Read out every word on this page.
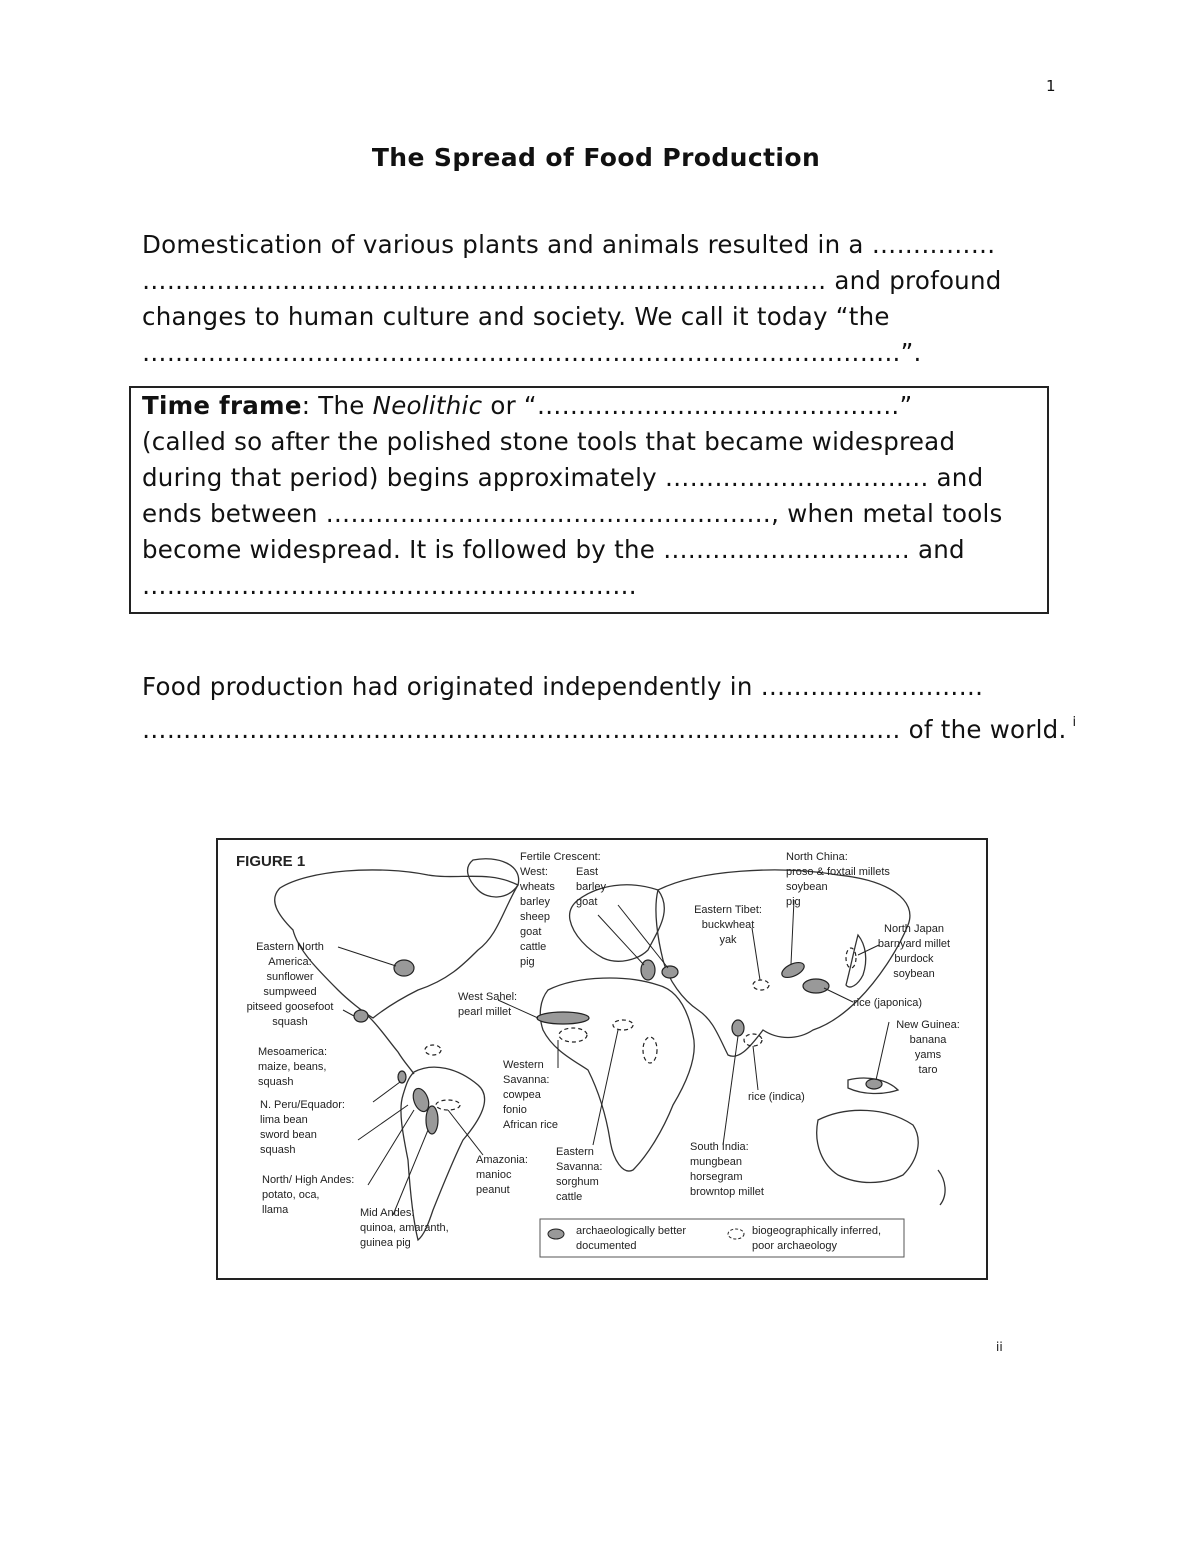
1
The Spread of Food Production
Domestication of various plants and animals resulted in a ……………
……………………………………………………………………….. and profound
changes to human culture and society. We call it today “the
………………………………………………………………………………..”.
Time frame: The Neolithic or “……………………………………..”
(called so after the polished stone tools that became widespread
during that period) begins approximately ………………………….. and
ends between ………………………………………………, when metal tools
become widespread. It is followed by the ….…………………….. and
……………………………………………………
Food production had originated independently in ………………………
……………………………………………………………………………….. of the world. $^i$
FIGURE 1	Fertile Crescent:
West:
wheats
barley
sheep
goat
cattle
pig
East
barley
goat
North China:
proso & foxtail millets
soybean
pig
Eastern Tibet:
buckwheat
yak
North Japan
barnyard millet
burdock
soybean
Eastern North
America:
sunflower
sumpweed
pitseed goosefoot
squash
West Sahel:
pearl millet
rice (japonica)
New Guinea:
banana
yams
taro
Mesoamerica:
maize, beans,
squash
Western
Savanna:
cowpea
fonio
African rice
rice (indica)
N. Peru/Equador:
lima bean
sword bean
squash	South India:
mungbean
horsegram
browntop millet
Eastern
Savanna:
sorghum
cattle
Amazonia:
manioc
peanut
North/ High Andes:
potato, oca,
llama	Mid Andes:
quinoa, amaranth,
guinea pig
archaeologically better
documented
biogeographically inferred,
poor archaeology
ii
